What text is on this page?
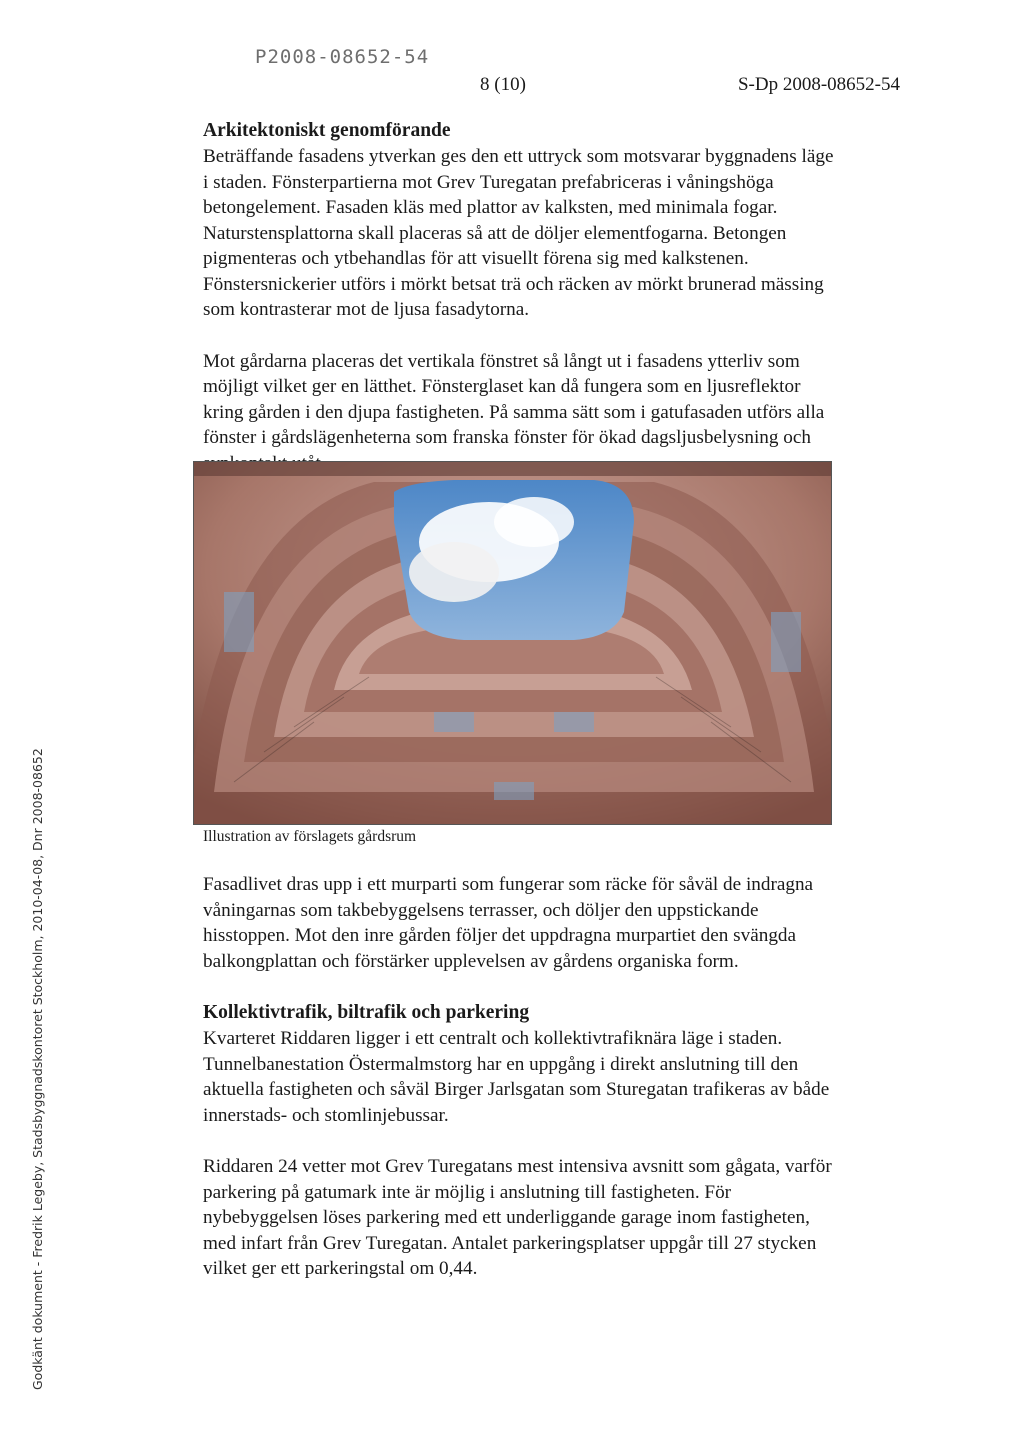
P2008-08652-54
8 (10)	S-Dp 2008-08652-54
Arkitektoniskt genomförande

Beträffande fasadens ytverkan ges den ett uttryck som motsvarar byggnadens läge i staden. Fönsterpartierna mot Grev Turegatan prefabriceras i våningshöga betongelement. Fasaden kläs med plattor av kalksten, med minimala fogar. Naturstensplattorna skall placeras så att de döljer elementfogarna. Betongen pigmenteras och ytbehandlas för att visuellt förena sig med kalkstenen. Fönstersnickerier utförs i mörkt betsat trä och räcken av mörkt brunerad mässing som kontrasterar mot de ljusa fasadytorna.

Mot gårdarna placeras det vertikala fönstret så långt ut i fasadens ytterliv som möjligt vilket ger en lätthet. Fönsterglaset kan då fungera som en ljusreflektor kring gården i den djupa fastigheten. På samma sätt som i gatufasaden utförs alla fönster i gårdslägenheterna som franska fönster för ökad dagsljusbelysning och

Illustration av förslagets gårdsrum

Fasadlivet dras upp i ett murparti som fungerar som räcke för såväl de indragna våningarnas som takbebyggelsens terrasser, och döljer den uppstickande hisstoppen. Mot den inre gården följer det uppdragna murpartiet den svängda balkongplattan och förstärker upplevelsen av gårdens organiska form.

Kollektivtrafik, biltrafik och parkering

Kvarteret Riddaren ligger i ett centralt och kollektivtrafiknära läge i staden. Tunnelbanestation Östermalmstorg har en uppgång i direkt anslutning till den aktuella fastigheten och såväl Birger Jarlsgatan som Sturegatan trafikeras av både innerstads- och stomlinjebussar.

Riddaren 24 vetter mot Grev Turegatans mest intensiva avsnitt som gågata, varför parkering på gatumark inte är möjlig i anslutning till fastigheten. För nybebyggelsen löses parkering med ett underliggande garage inom fastigheten, med infart från Grev Turegatan. Antalet parkeringsplatser uppgår till 27 stycken vilket ger ett parkeringstal om 0,44.

Godkänt dokument - Fredrik Legeby, Stadsbyggnadskontoret Stockholm, 2010-04-08, Dnr 2008-08652
